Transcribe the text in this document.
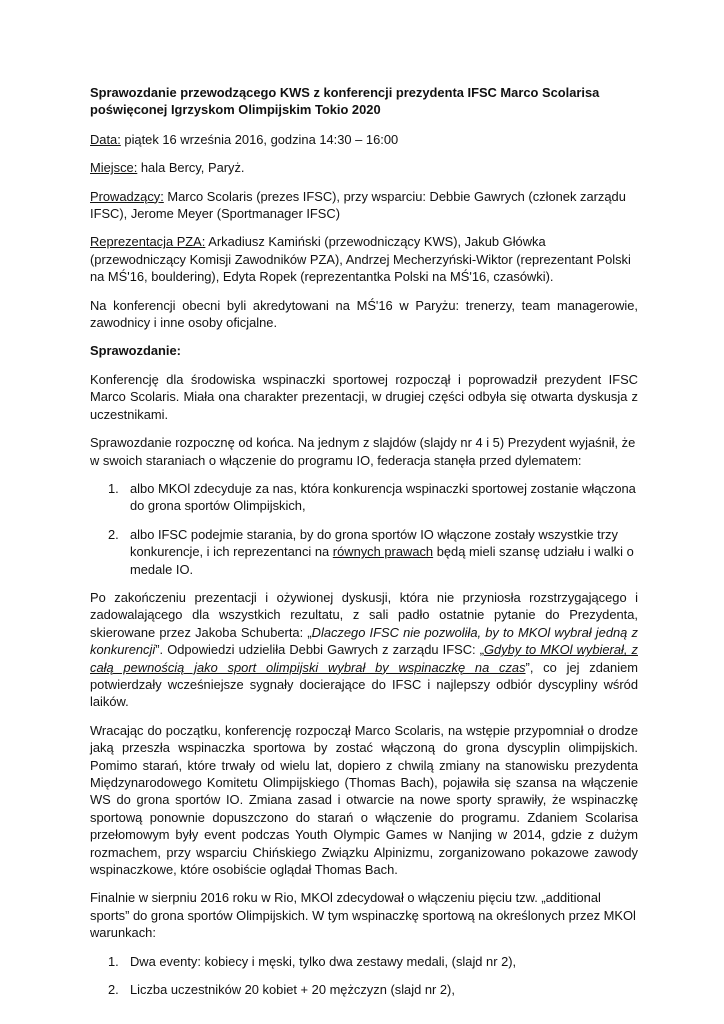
Sprawozdanie przewodzącego KWS z konferencji prezydenta IFSC Marco Scolarisa poświęconej Igrzyskom Olimpijskim Tokio 2020

Data: piątek 16 września 2016, godzina 14:30 – 16:00

Miejsce: hala Bercy, Paryż.

Prowadzący: Marco Scolaris (prezes IFSC), przy wsparciu: Debbie Gawrych (członek zarządu IFSC), Jerome Meyer (Sportmanager IFSC)

Reprezentacja PZA: Arkadiusz Kamiński (przewodniczący KWS), Jakub Główka (przewodniczący Komisji Zawodników PZA), Andrzej Mecherzyński-Wiktor (reprezentant Polski na MŚ'16, bouldering), Edyta Ropek (reprezentantka Polski na MŚ'16, czasówki).

Na konferencji obecni byli akredytowani na MŚ'16 w Paryżu: trenerzy, team managerowie, zawodnicy i inne osoby oficjalne.

Sprawozdanie:

Konferencję dla środowiska wspinaczki sportowej rozpoczął i poprowadził prezydent IFSC Marco Scolaris. Miała ona charakter prezentacji, w drugiej części odbyła się otwarta dyskusja z uczestnikami.

Sprawozdanie rozpocznę od końca. Na jednym z slajdów (slajdy nr 4 i 5) Prezydent wyjaśnił, że w swoich staraniach o włączenie do programu IO, federacja stanęła przed dylematem:

1. albo MKOl zdecyduje za nas, która konkurencja wspinaczki sportowej zostanie włączona do grona sportów Olimpijskich,
2. albo IFSC podejmie starania, by do grona sportów IO włączone zostały wszystkie trzy konkurencje, i ich reprezentanci na równych prawach będą mieli szansę udziału i walki o medale IO.

Po zakończeniu prezentacji i ożywionej dyskusji, która nie przyniosła rozstrzygającego i zadowalającego dla wszystkich rezultatu, z sali padło ostatnie pytanie do Prezydenta, skierowane przez Jakoba Schuberta: „Dlaczego IFSC nie pozwoliła, by to MKOl wybrał jedną z konkurencji”. Odpowiedzi udzieliła Debbi Gawrych z zarządu IFSC: „Gdyby to MKOl wybierał, z całą pewnością jako sport olimpijski wybrał by wspinaczkę na czas”, co jej zdaniem potwierdzały wcześniejsze sygnały docierające do IFSC i najlepszy odbiór dyscypliny wśród laików.

Wracając do początku, konferencję rozpoczął Marco Scolaris, na wstępie przypomniał o drodze jaką przeszła wspinaczka sportowa by zostać włączoną do grona dyscyplin olimpijskich. Pomimo starań, które trwały od wielu lat, dopiero z chwilą zmiany na stanowisku prezydenta Międzynarodowego Komitetu Olimpijskiego (Thomas Bach), pojawiła się szansa na włączenie WS do grona sportów IO. Zmiana zasad i otwarcie na nowe sporty sprawiły, że wspinaczkę sportową ponownie dopuszczono do starań o włączenie do programu. Zdaniem Scolarisa przełomowym były event podczas Youth Olympic Games w Nanjing w 2014, gdzie z dużym rozmachem, przy wsparciu Chińskiego Związku Alpinizmu, zorganizowano pokazowe zawody wspinaczkowe, które osobiście oglądał Thomas Bach.

Finalnie w sierpniu 2016 roku w Rio, MKOl zdecydował o włączeniu pięciu tzw. „additional sports” do grona sportów Olimpijskich. W tym wspinaczkę sportową na określonych przez MKOl warunkach:

1. Dwa eventy: kobiecy i męski, tylko dwa zestawy medali, (slajd nr 2),
2. Liczba uczestników 20 kobiet + 20 mężczyzn (slajd nr 2),
